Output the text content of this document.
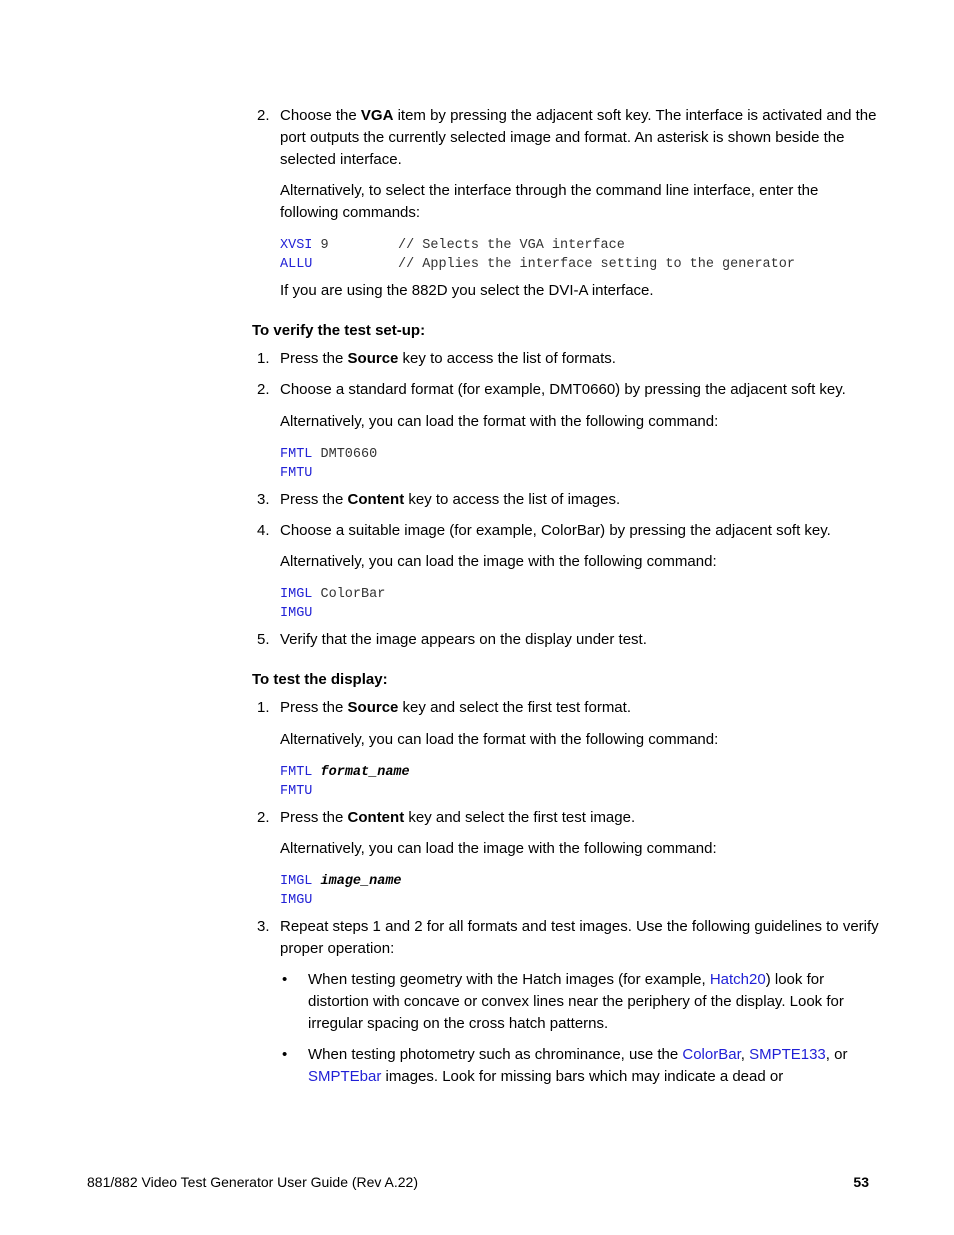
2. Choose the VGA item by pressing the adjacent soft key. The interface is activated and the port outputs the currently selected image and format. An asterisk is shown beside the selected interface.
Alternatively, to select the interface through the command line interface, enter the following commands:
XVSI 9	// Selects the VGA interface
ALLU	// Applies the interface setting to the generator
If you are using the 882D you select the DVI-A interface.
To verify the test set-up:
1. Press the Source key to access the list of formats.
2. Choose a standard format (for example, DMT0660) by pressing the adjacent soft key.
Alternatively, you can load the format with the following command:
FMTL DMT0660
FMTU
3. Press the Content key to access the list of images.
4. Choose a suitable image (for example, ColorBar) by pressing the adjacent soft key.
Alternatively, you can load the image with the following command:
IMGL ColorBar
IMGU
5. Verify that the image appears on the display under test.
To test the display:
1. Press the Source key and select the first test format.
Alternatively, you can load the format with the following command:
FMTL format_name
FMTU
2. Press the Content key and select the first test image.
Alternatively, you can load the image with the following command:
IMGL image_name
IMGU
3. Repeat steps 1 and 2 for all formats and test images. Use the following guidelines to verify proper operation:
• When testing geometry with the Hatch images (for example, Hatch20) look for distortion with concave or convex lines near the periphery of the display. Look for irregular spacing on the cross hatch patterns.
• When testing photometry such as chrominance, use the ColorBar, SMPTE133, or SMPTEbar images. Look for missing bars which may indicate a dead or
881/882 Video Test Generator User Guide (Rev A.22)	53
